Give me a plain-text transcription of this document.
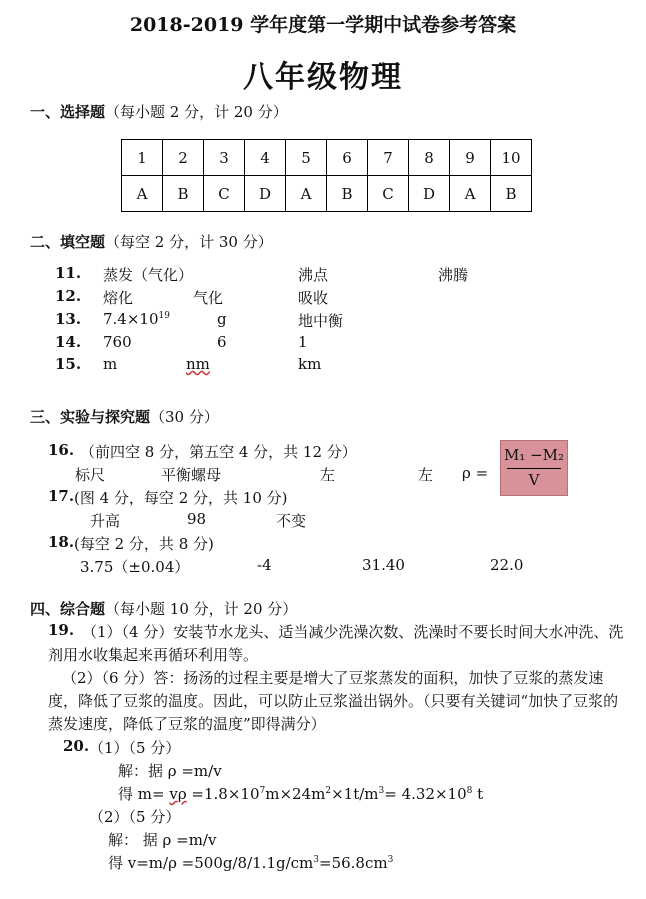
2018-2019 学年度第一学期中试卷参考答案
八年级物理
一、选择题（每小题 2 分，计 20 分）
1	2	3	4	5	6	7	8	9	10
A	B	C	D	A	B	C	D	A	B
二、填空题（每空 2 分，计 30 分）
11. 蒸发（气化）	沸点	沸腾
12. 熔化	气化	吸收
13. $7.4\times 10^{19}$	g	地中衡
14. 760	6	1
15. m	nm	km
三、实验与探究题（30 分）
16. （前四空 8 分，第五空 4 分，共 12 分）
标尺	平衡螺母	左	左 ρ =
M₁ −M₂
V
17. (图 4 分，每空 2 分，共 10 分)
升高	98	不变
18. (每空 2 分，共 8 分)
3.75（±0.04）	-4	31.40	22.0
四、综合题（每小题 10 分，计 20 分）
19. （1）（4 分）安装节水龙头、适当减少洗澡次数、洗澡时不要长时间大水冲洗、洗剂用水收集起来再循环利用等。
（2）（6 分）答：扬汤的过程主要是增大了豆浆蒸发的面积，加快了豆浆的蒸发速度，降低了豆浆的温度。因此，可以防止豆浆溢出锅外。（只要有关键词“加快了豆浆的蒸发速度，降低了豆浆的温度”即得满分）
20. （1）（5 分）
解：据 ρ =m/v
得 $m= v\rho =1.8\times 10^7m\times 24m^2\times 1t/m^3= 4.32\times 10^8$ t
（2）（5 分）
解： 据 ρ =m/v
得 $v=m/\rho =500g/8/1.1g/cm^3=56.8cm^3$
